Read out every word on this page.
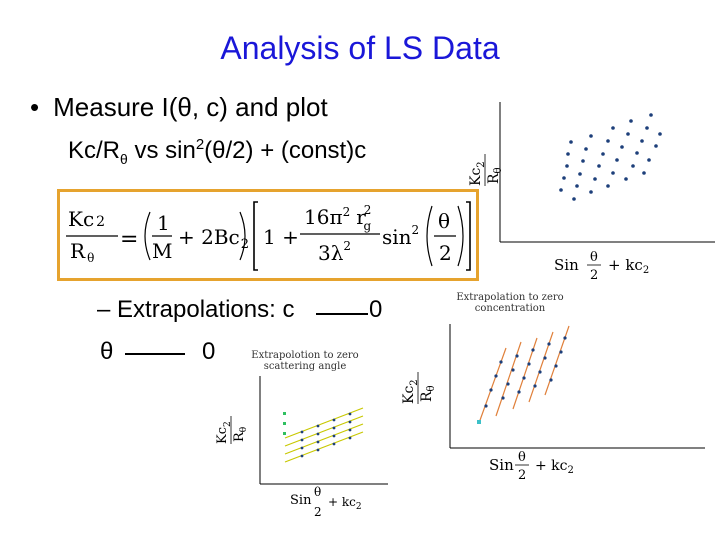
Analysis of LS Data
• Measure I(θ, c) and plot
$Kc/R_\theta$ vs $\sin^2(\theta/2)$ + (const)c
Kc 2
R $_\theta$
=
1
M
+ $2Bc_2$ 1 +
$16\pi^2$ r2 g
$3\lambda^2$ $\sin^2 \theta$
2
– Extrapolations: c	0
θ	0
$Kc_2$
$R_\theta$
Sin θ
2
+ $kc_2$
Extrapolation to zero
concentration
$Kc_2$
$R_\theta$
Sin θ
2
+ $kc_2$
Extrapolotion to zero
scattering angle
$Kc_2$
$R_\theta$
Sin
θ
2
+ $kc_2$
